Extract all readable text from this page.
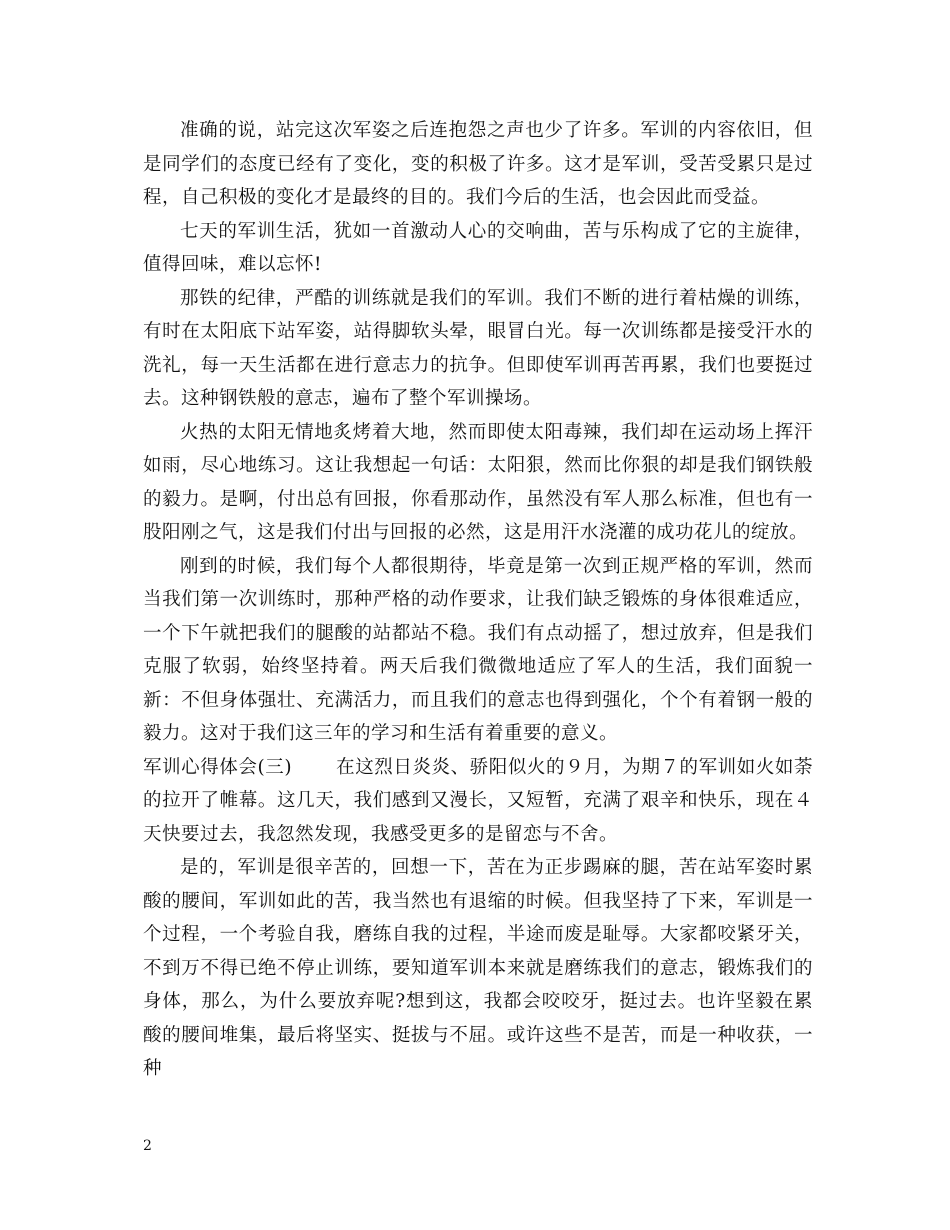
准确的说，站完这次军姿之后连抱怨之声也少了许多。军训的内容依旧，但是同学们的态度已经有了变化，变的积极了许多。这才是军训，受苦受累只是过程，自己积极的变化才是最终的目的。我们今后的生活，也会因此而受益。

七天的军训生活，犹如一首激动人心的交响曲，苦与乐构成了它的主旋律，值得回味，难以忘怀!

那铁的纪律，严酷的训练就是我们的军训。我们不断的进行着枯燥的训练，有时在太阳底下站军姿，站得脚软头晕，眼冒白光。每一次训练都是接受汗水的洗礼，每一天生活都在进行意志力的抗争。但即使军训再苦再累，我们也要挺过去。这种钢铁般的意志，遍布了整个军训操场。

火热的太阳无情地炙烤着大地，然而即使太阳毒辣，我们却在运动场上挥汗如雨，尽心地练习。这让我想起一句话：太阳狠，然而比你狠的却是我们钢铁般的毅力。是啊，付出总有回报，你看那动作，虽然没有军人那么标准，但也有一股阳刚之气，这是我们付出与回报的必然，这是用汗水浇灌的成功花儿的绽放。

刚到的时候，我们每个人都很期待，毕竟是第一次到正规严格的军训，然而当我们第一次训练时，那种严格的动作要求，让我们缺乏锻炼的身体很难适应，一个下午就把我们的腿酸的站都站不稳。我们有点动摇了，想过放弃，但是我们克服了软弱，始终坚持着。两天后我们微微地适应了军人的生活，我们面貌一新：不但身体强壮、充满活力，而且我们的意志也得到强化，个个有着钢一般的毅力。这对于我们这三年的学习和生活有着重要的意义。

军训心得体会(三) 在这烈日炎炎、骄阳似火的９月，为期７的军训如火如荼的拉开了帷幕。这几天，我们感到又漫长，又短暂，充满了艰辛和快乐，现在４天快要过去，我忽然发现，我感受更多的是留恋与不舍。

是的，军训是很辛苦的，回想一下，苦在为正步踢麻的腿，苦在站军姿时累酸的腰间，军训如此的苦，我当然也有退缩的时候。但我坚持了下来，军训是一个过程，一个考验自我，磨练自我的过程，半途而废是耻辱。大家都咬紧牙关，不到万不得已绝不停止训练，要知道军训本来就是磨练我们的意志，锻炼我们的身体，那么，为什么要放弃呢?想到这，我都会咬咬牙，挺过去。也许坚毅在累酸的腰间堆集，最后将坚实、挺拔与不屈。或许这些不是苦，而是一种收获，一种

2
